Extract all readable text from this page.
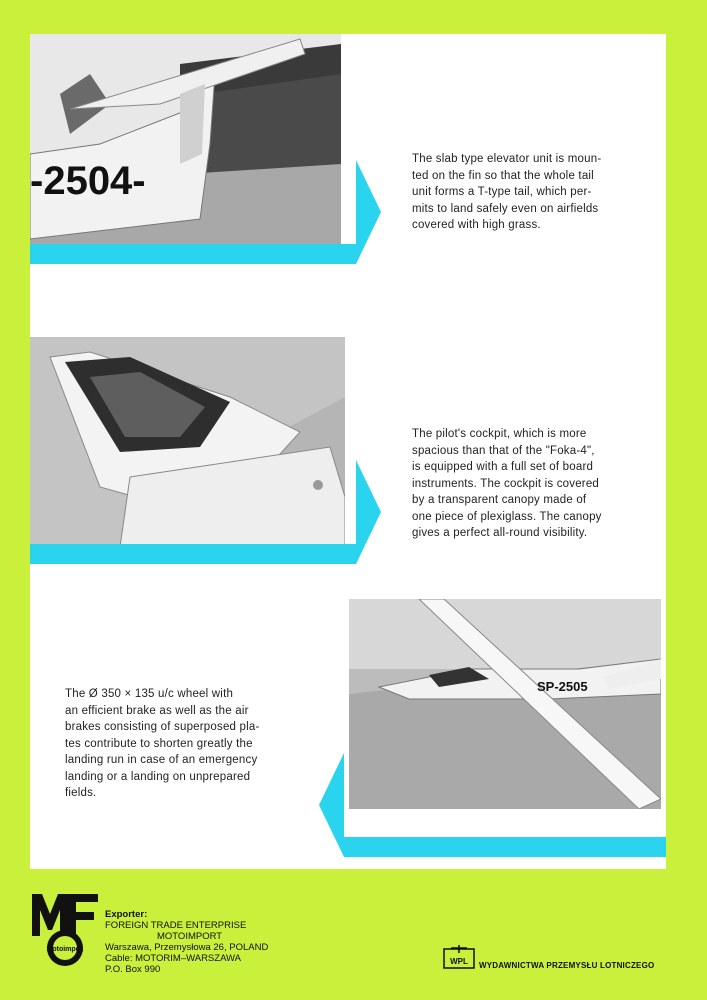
-2504-	The slab type elevator unit is moun-
ted on the fin so that the whole tail
unit forms a T-type tail, which per-
mits to land safely even on airfields
covered with high grass.
The pilot's cockpit, which is more
spacious than that of the "Foka-4",
is equipped with a full set of board
instruments. The cockpit is covered
by a transparent canopy made of
one piece of plexiglass. The canopy
gives a perfect all-round visibility.
SP-2505
The Ø 350 × 135 u/c wheel with
an efficient brake as well as the air
brakes consisting of superposed pla-
tes contribute to shorten greatly the
landing run in case of an emergency
landing or a landing on unprepared
fields.
Motoimpex
Exporter:
FOREIGN TRADE ENTERPRISE
MOTOIMPORT
Warszawa, Przemysłowa 26, POLAND
Cable: MOTORIM–WARSZAWA
P.O. Box 990
WPL WYDAWNICTWA PRZEMYSŁU LOTNICZEGO
